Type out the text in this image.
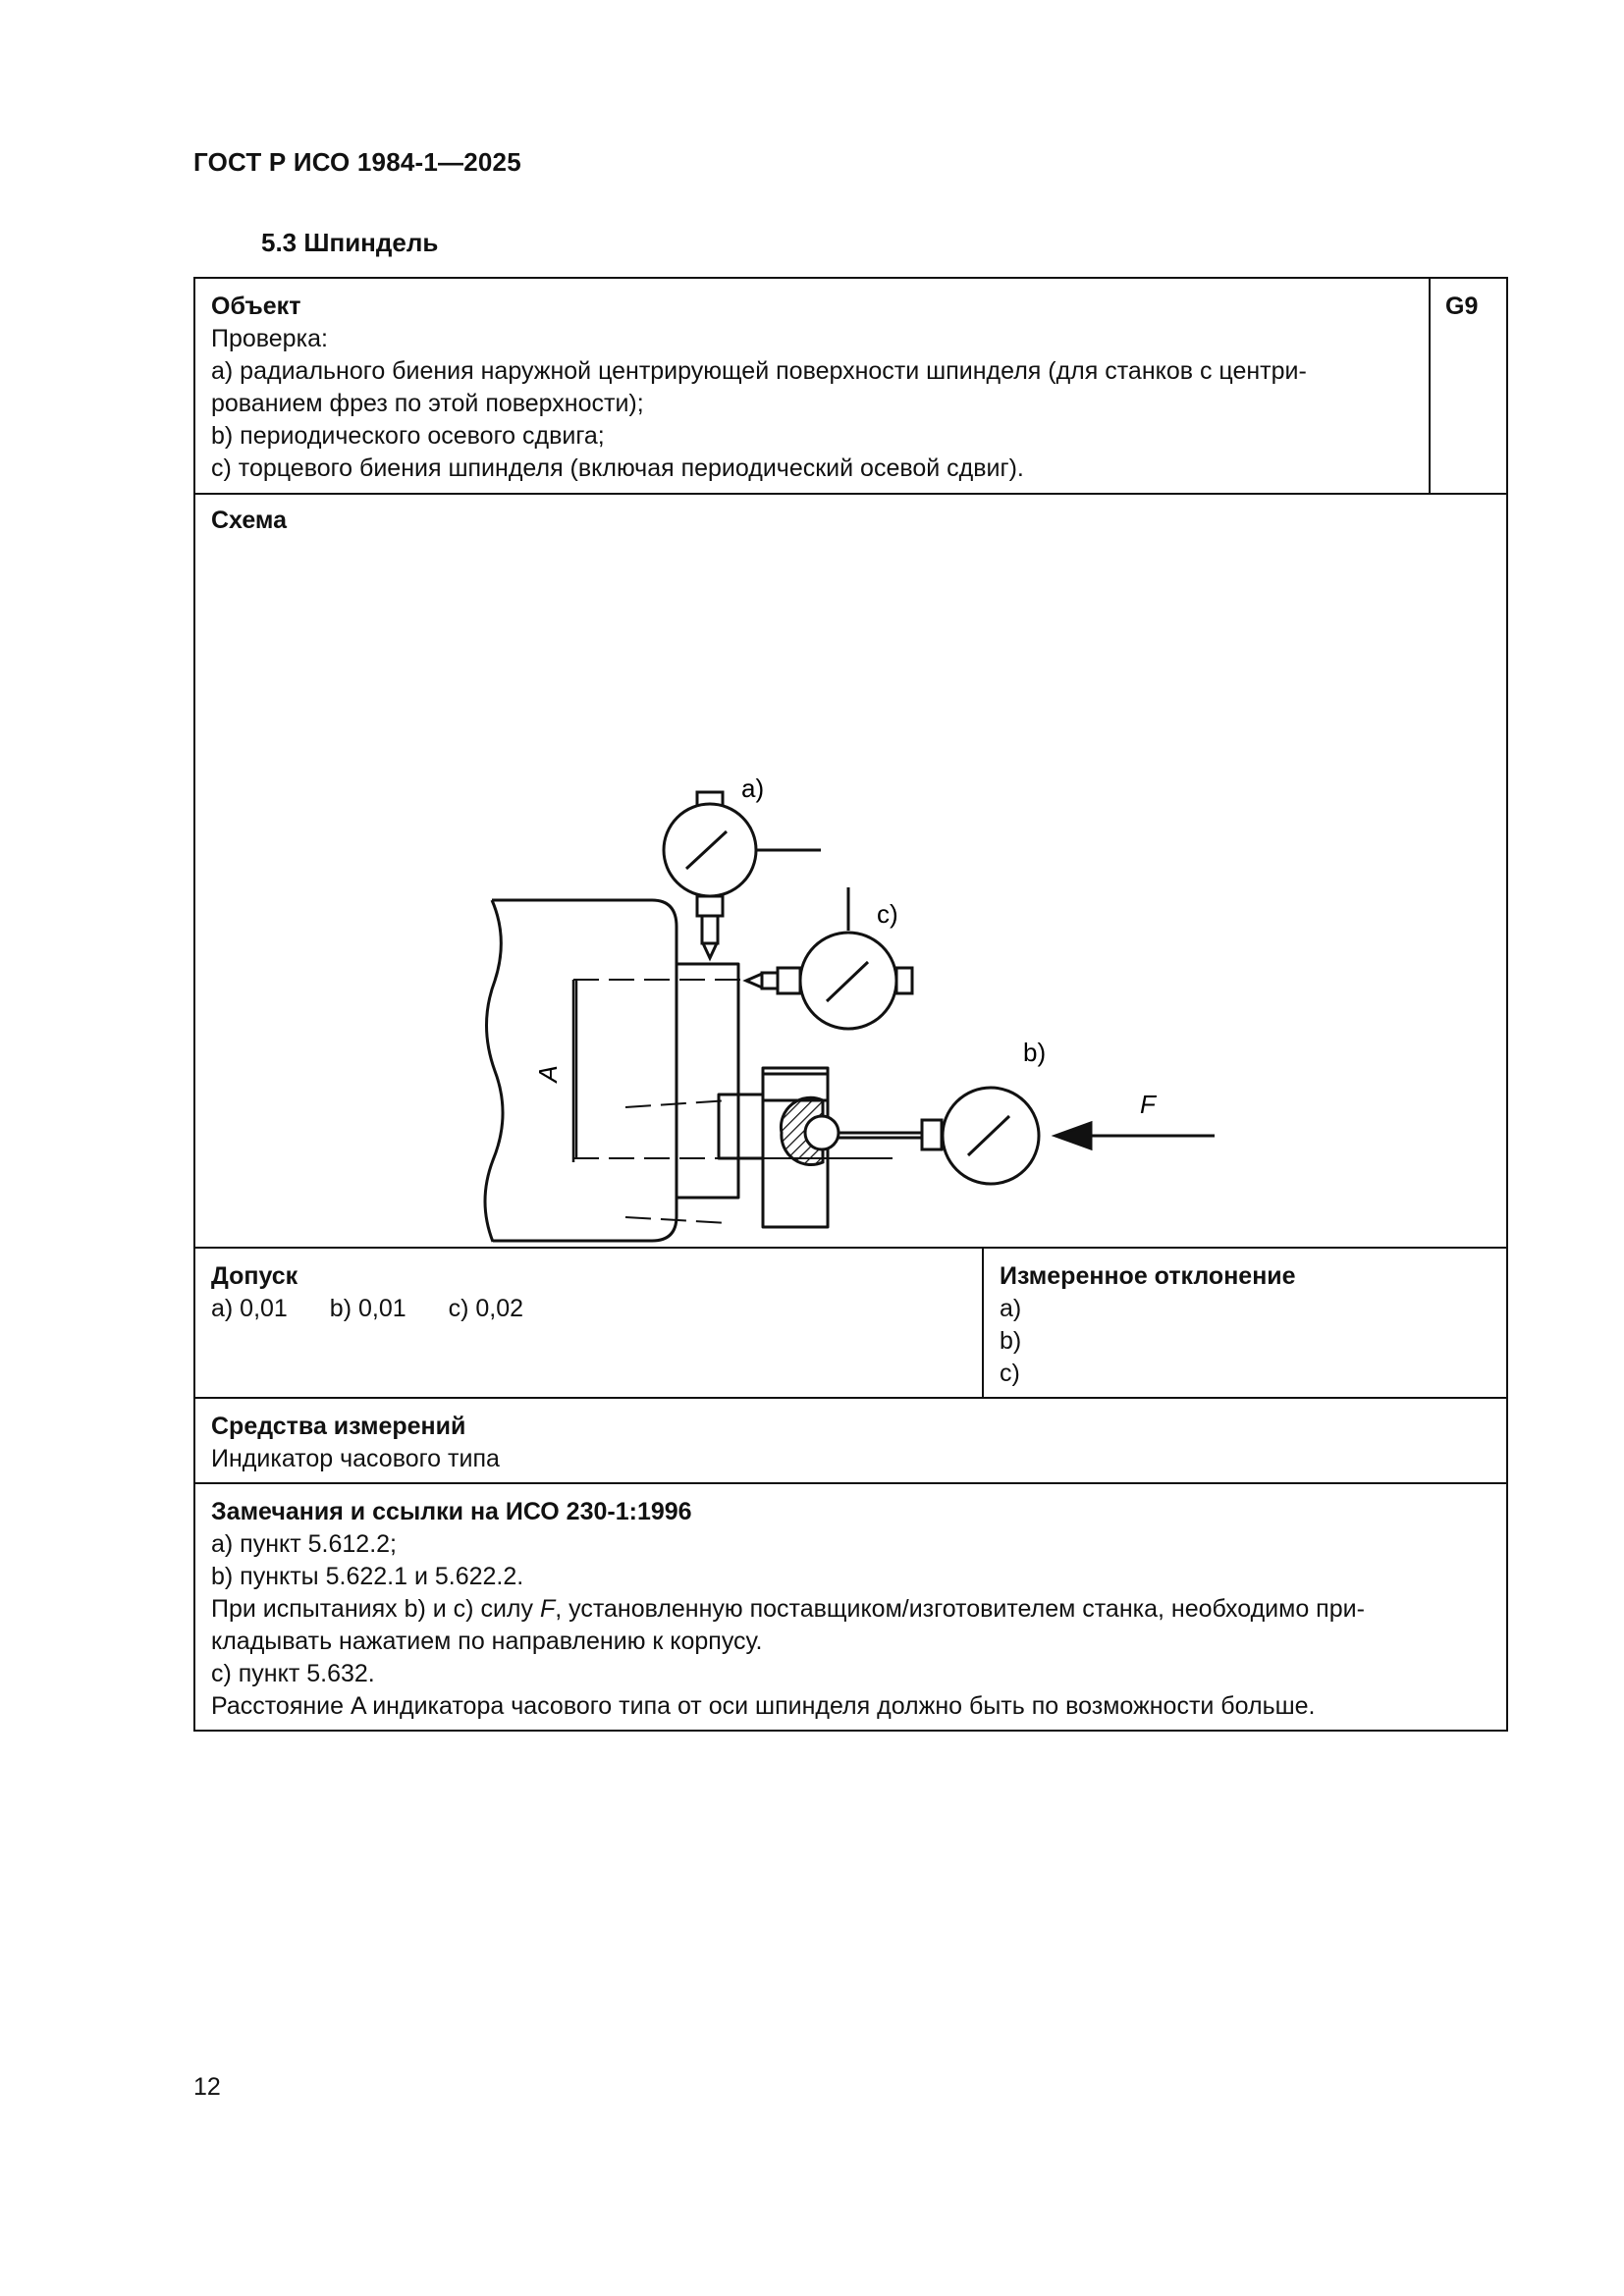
ГОСТ Р ИСО 1984-1—2025
5.3 Шпиндель
Объект
Проверка:
a) радиального биения наружной центрирующей поверхности шпинделя (для станков с центри-
рованием фрез по этой поверхности);
b) периодического осевого сдвига;
c) торцевого биения шпинделя (включая периодический осевой сдвиг).
G9
Схема
A
a)
c)
b)
F
Допуск
a) 0,01 b) 0,01 c) 0,02
Измеренное отклонение
a)
b)
c)
Средства измерений
Индикатор часового типа
Замечания и ссылки на ИСО 230-1:1996
a) пункт 5.612.2;
b) пункты 5.622.1 и 5.622.2.
При испытаниях b) и c) силу F, установленную поставщиком/изготовителем станка, необходимо при-
кладывать нажатием по направлению к корпусу.
c) пункт 5.632.
Расстояние A индикатора часового типа от оси шпинделя должно быть по возможности больше.
12
